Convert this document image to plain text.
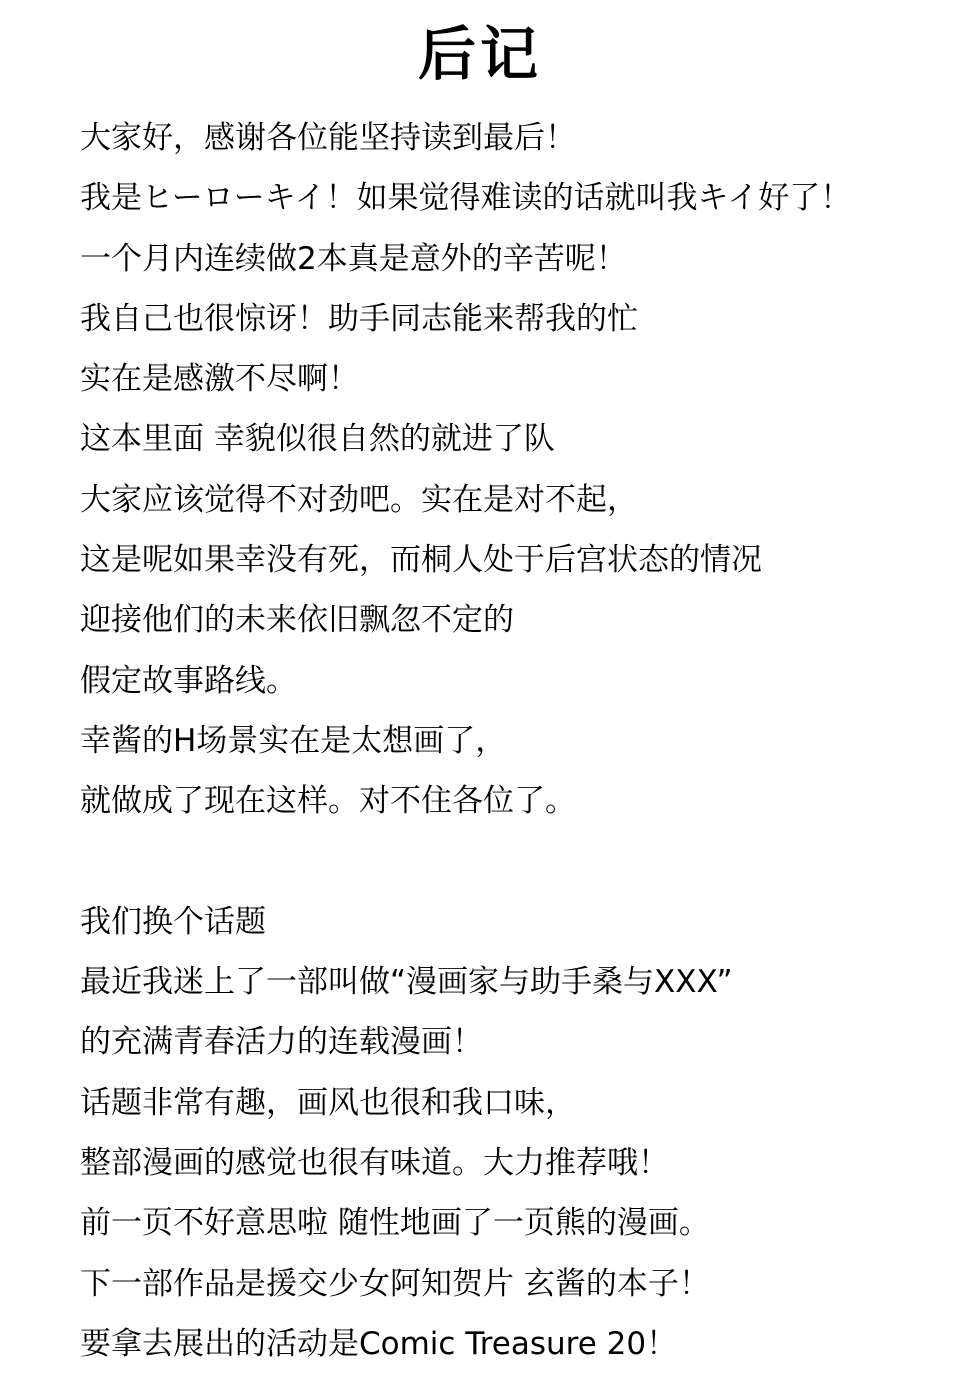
后记
大家好，感谢各位能坚持读到最后！
我是ヒーローキイ！如果觉得难读的话就叫我キイ好了！
一个月内连续做2本真是意外的辛苦呢！
我自己也很惊讶！助手同志能来帮我的忙
实在是感激不尽啊！
这本里面 幸貌似很自然的就进了队
大家应该觉得不对劲吧。实在是对不起，
这是呢如果幸没有死，而桐人处于后宫状态的情况
迎接他们的未来依旧飘忽不定的
假定故事路线。
幸酱的H场景实在是太想画了，
就做成了现在这样。对不住各位了。
我们换个话题
最近我迷上了一部叫做“漫画家与助手桑与XXX”
的充满青春活力的连载漫画！
话题非常有趣，画风也很和我口味，
整部漫画的感觉也很有味道。大力推荐哦！
前一页不好意思啦 随性地画了一页熊的漫画。
下一部作品是援交少女阿知贺片 玄酱的本子！
要拿去展出的活动是Comic Treasure 20！
